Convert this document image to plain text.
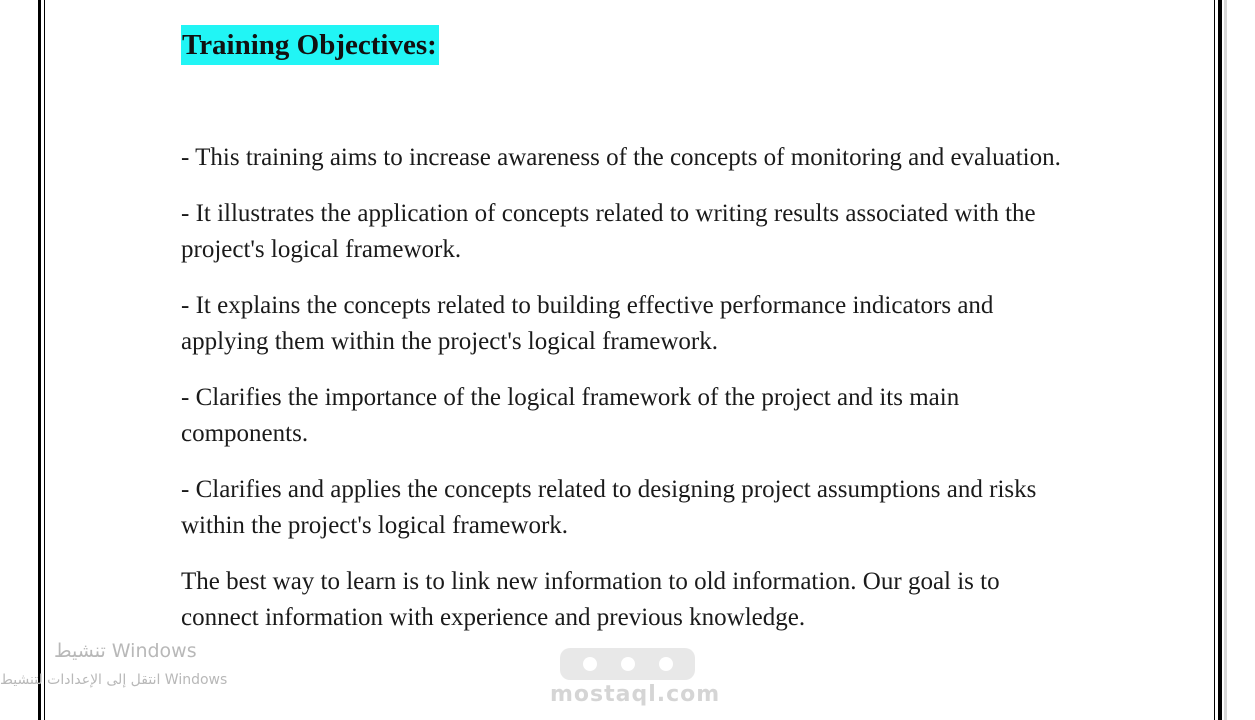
Training Objectives:

- This training aims to increase awareness of the concepts of monitoring and evaluation.

- It illustrates the application of concepts related to writing results associated with the project's logical framework.

- It explains the concepts related to building effective performance indicators and applying them within the project's logical framework.

- Clarifies the importance of the logical framework of the project and its main components.

- Clarifies and applies the concepts related to designing project assumptions and risks within the project's logical framework.

The best way to learn is to link new information to old information. Our goal is to connect information with experience and previous knowledge.

تنشيط Windows
انتقل إلى الإعدادات لتنشيط Windows
mostaql.com
